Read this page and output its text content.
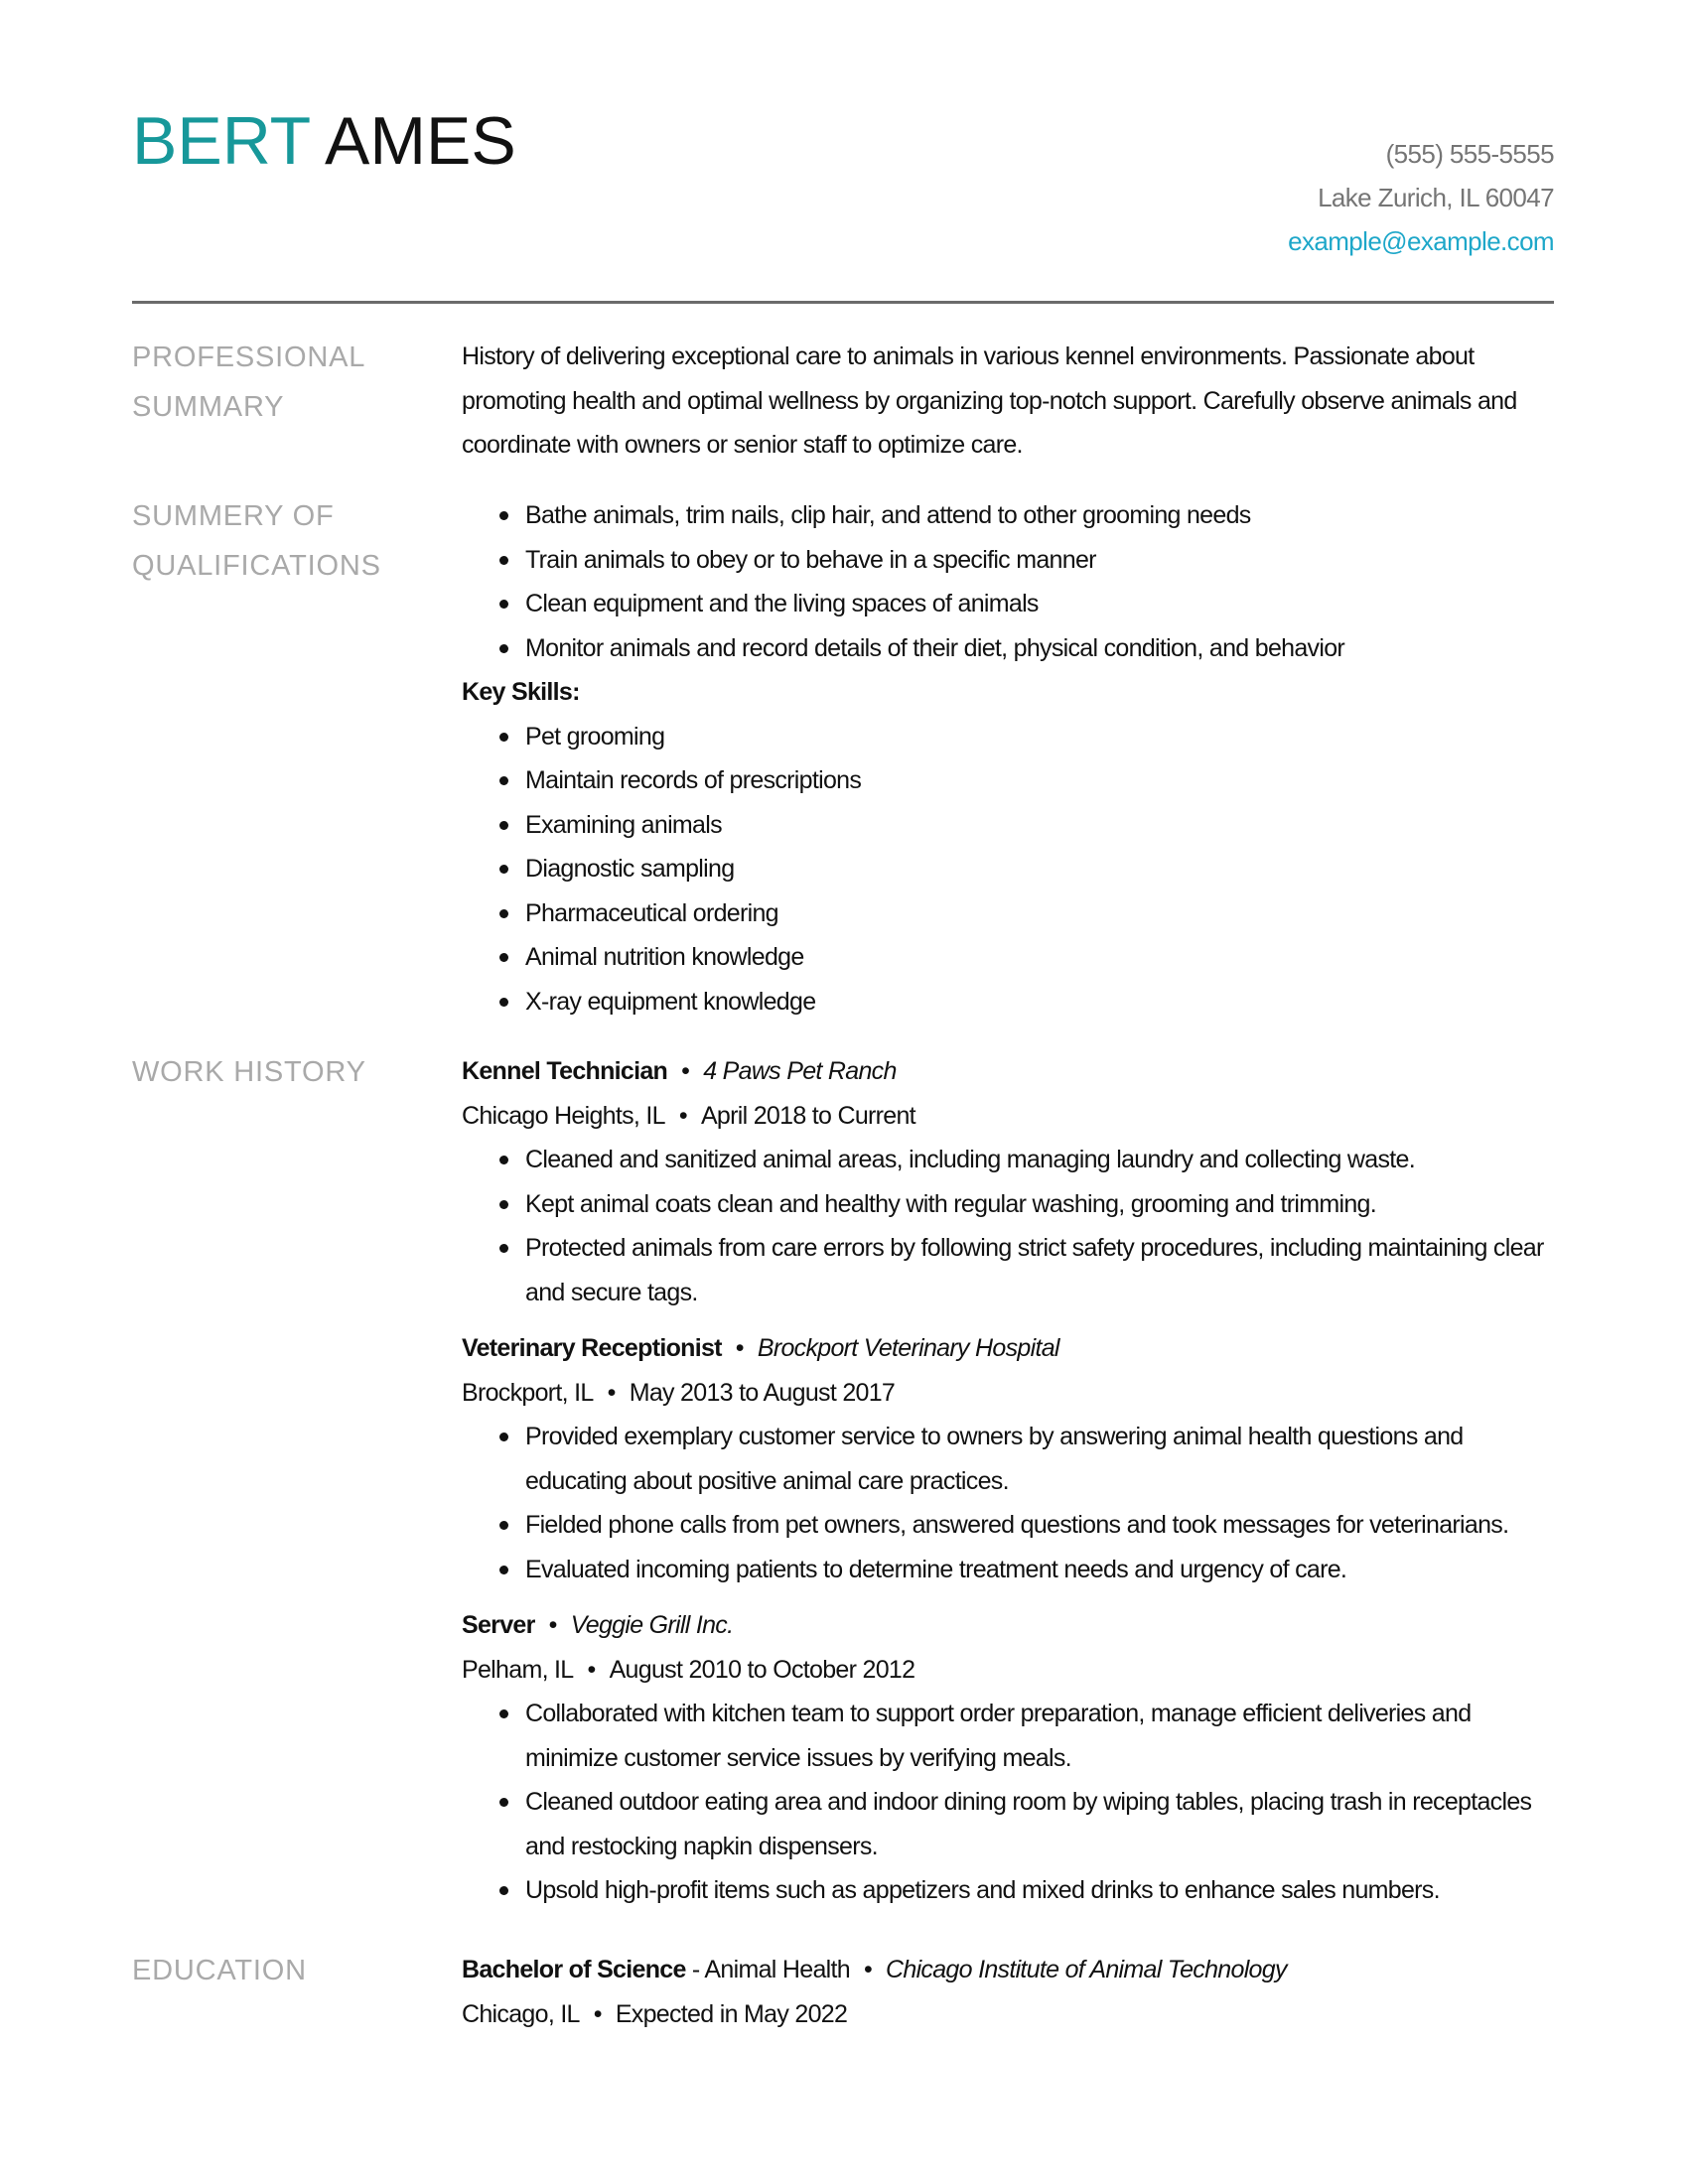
BERT AMES	(555) 555-5555
Lake Zurich, IL 60047
example@example.com
PROFESSIONAL
SUMMARY

History of delivering exceptional care to animals in various kennel environments. Passionate about promoting health and optimal wellness by organizing top-notch support. Carefully observe animals and coordinate with owners or senior staff to optimize care.

SUMMERY OF
QUALIFICATIONS
Bathe animals, trim nails, clip hair, and attend to other grooming needs
Train animals to obey or to behave in a specific manner
Clean equipment and the living spaces of animals
Monitor animals and record details of their diet, physical condition, and behavior

Key Skills:

Pet grooming
Maintain records of prescriptions
Examining animals
Diagnostic sampling
Pharmaceutical ordering
Animal nutrition knowledge
X-ray equipment knowledge
WORK HISTORY	Kennel Technician • 4 Paws Pet Ranch

Chicago Heights, IL • April 2018 to Current

Cleaned and sanitized animal areas, including managing laundry and collecting waste.
Kept animal coats clean and healthy with regular washing, grooming and trimming.
Protected animals from care errors by following strict safety procedures, including maintaining clear and secure tags.

Veterinary Receptionist • Brockport Veterinary Hospital

Brockport, IL • May 2013 to August 2017

Provided exemplary customer service to owners by answering animal health questions and educating about positive animal care practices.
Fielded phone calls from pet owners, answered questions and took messages for veterinarians.
Evaluated incoming patients to determine treatment needs and urgency of care.

Server • Veggie Grill Inc.

Pelham, IL • August 2010 to October 2012

Collaborated with kitchen team to support order preparation, manage efficient deliveries and minimize customer service issues by verifying meals.
Cleaned outdoor eating area and indoor dining room by wiping tables, placing trash in receptacles and restocking napkin dispensers.
Upsold high-profit items such as appetizers and mixed drinks to enhance sales numbers.
EDUCATION	Bachelor of Science - Animal Health • Chicago Institute of Animal Technology

Chicago, IL • Expected in May 2022
